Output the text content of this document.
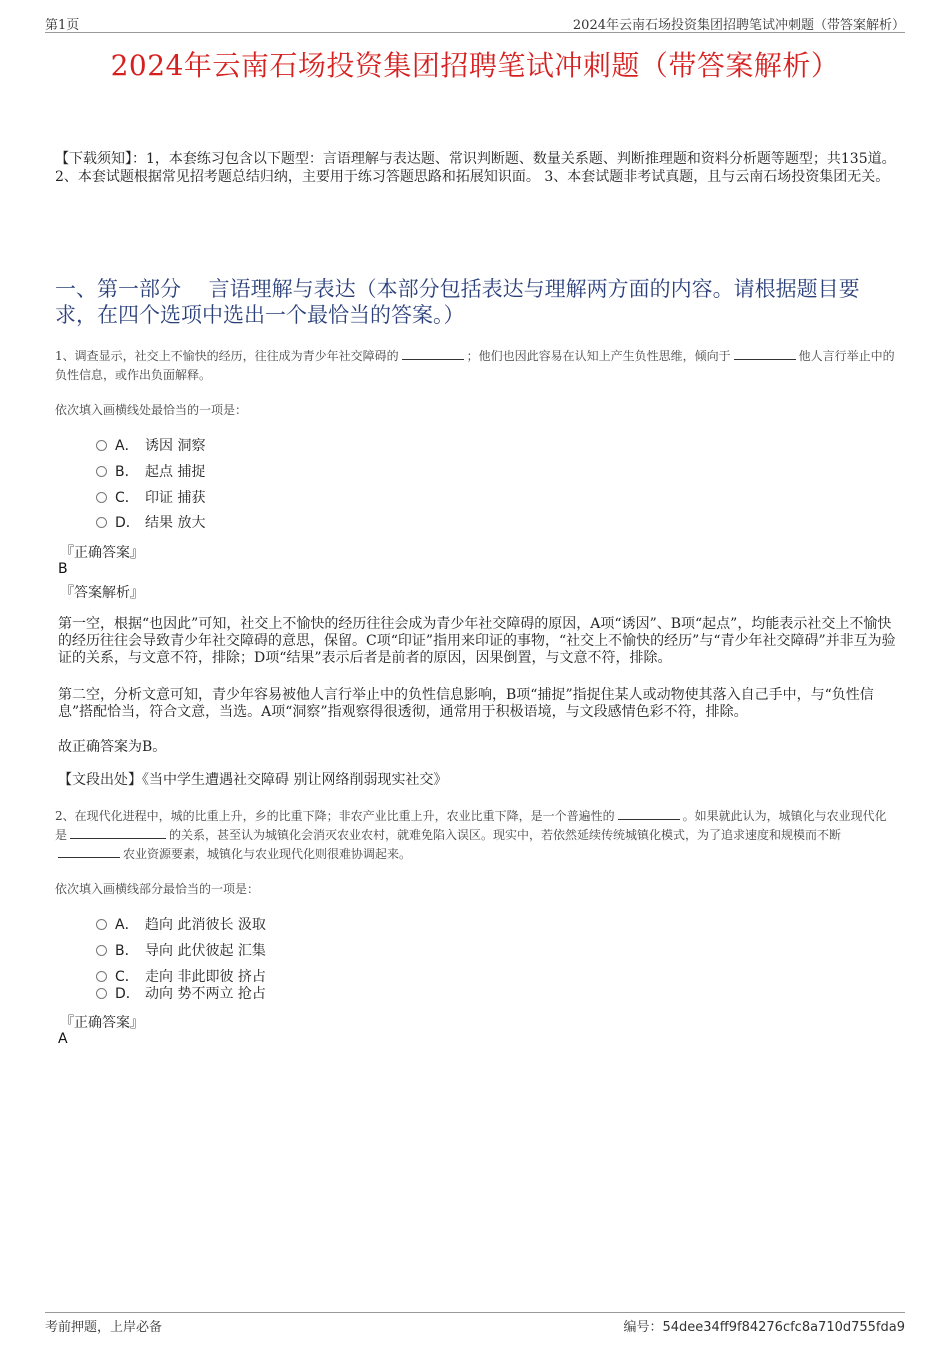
第1页	2024年云南石场投资集团招聘笔试冲刺题（带答案解析）
2024年云南石场投资集团招聘笔试冲刺题（带答案解析）
【下载须知】：1，本套练习包含以下题型：言语理解与表达题、常识判断题、数量关系题、判断推理题和资料分析题等题型；共135道。 2、本套试题根据常见招考题总结归纳，主要用于练习答题思路和拓展知识面。 3、本套试题非考试真题，且与云南石场投资集团无关。
一、第一部分　 言语理解与表达（本部分包括表达与理解两方面的内容。请根据题目要求，在四个选项中选出一个最恰当的答案。）
1、调查显示，社交上不愉快的经历，往往成为青少年社交障碍的	；他们也因此容易在认知上产生负性思维，倾向于	他人言行举止中的负性信息，或作出负面解释。
依次填入画横线处最恰当的一项是：
A． 诱因 洞察
B． 起点 捕捉
C． 印证 捕获
D． 结果 放大
『正确答案』
B
『答案解析』
第一空，根据“也因此”可知，社交上不愉快的经历往往会成为青少年社交障碍的原因，A项“诱因”、B项“起点”，均能表示社交上不愉快的经历往往会导致青少年社交障碍的意思，保留。C项“印证”指用来印证的事物，“社交上不愉快的经历”与“青少年社交障碍”并非互为验证的关系，与文意不符，排除；D项“结果”表示后者是前者的原因，因果倒置，与文意不符，排除。
第二空，分析文意可知，青少年容易被他人言行举止中的负性信息影响，B项“捕捉”指捉住某人或动物使其落入自己手中，与“负性信息”搭配恰当，符合文意，当选。A项“洞察”指观察得很透彻，通常用于积极语境，与文段感情色彩不符，排除。
故正确答案为B。
【文段出处】《当中学生遭遇社交障碍 别让网络削弱现实社交》
2、在现代化进程中，城的比重上升，乡的比重下降；非农产业比重上升，农业比重下降，是一个普遍性的	。如果就此认为，城镇化与农业现代化是	的关系，甚至认为城镇化会消灭农业农村，就难免陷入误区。现实中，若依然延续传统城镇化模式，为了追求速度和规模而不断农业资源要素，城镇化与农业现代化则很难协调起来。
依次填入画横线部分最恰当的一项是：
A． 趋向 此消彼长 汲取
B． 导向 此伏彼起 汇集
C． 走向 非此即彼 挤占
D． 动向 势不两立 抢占
『正确答案』
A
考前押题，上岸必备	编号：54dee34ff9f84276cfc8a710d755fda9
